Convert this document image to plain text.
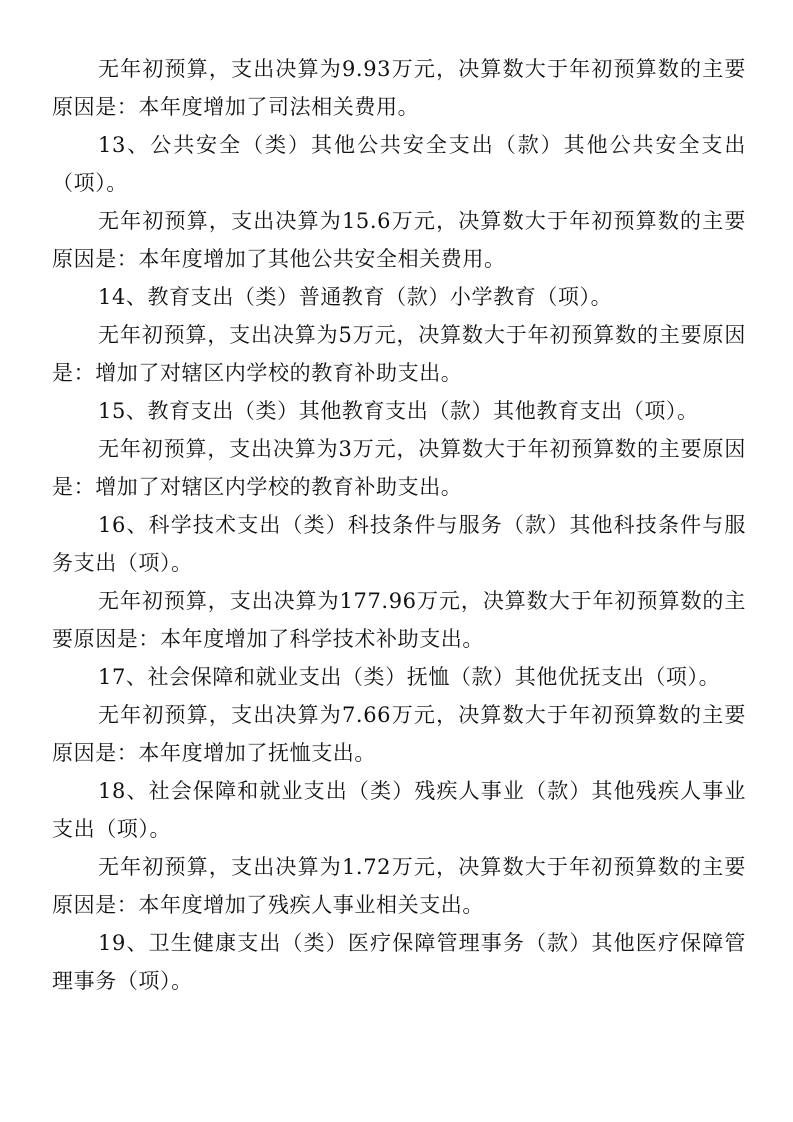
无年初预算，支出决算为9.93万元，决算数大于年初预算数的主要原因是：本年度增加了司法相关费用。

13、公共安全（类）其他公共安全支出（款）其他公共安全支出（项）。

无年初预算，支出决算为15.6万元，决算数大于年初预算数的主要原因是：本年度增加了其他公共安全相关费用。

14、教育支出（类）普通教育（款）小学教育（项）。

无年初预算，支出决算为5万元，决算数大于年初预算数的主要原因是：增加了对辖区内学校的教育补助支出。

15、教育支出（类）其他教育支出（款）其他教育支出（项）。

无年初预算，支出决算为3万元，决算数大于年初预算数的主要原因是：增加了对辖区内学校的教育补助支出。

16、科学技术支出（类）科技条件与服务（款）其他科技条件与服务支出（项）。

无年初预算，支出决算为177.96万元，决算数大于年初预算数的主要原因是：本年度增加了科学技术补助支出。

17、社会保障和就业支出（类）抚恤（款）其他优抚支出（项）。

无年初预算，支出决算为7.66万元，决算数大于年初预算数的主要原因是：本年度增加了抚恤支出。

18、社会保障和就业支出（类）残疾人事业（款）其他残疾人事业支出（项）。

无年初预算，支出决算为1.72万元，决算数大于年初预算数的主要原因是：本年度增加了残疾人事业相关支出。

19、卫生健康支出（类）医疗保障管理事务（款）其他医疗保障管理事务（项）。
